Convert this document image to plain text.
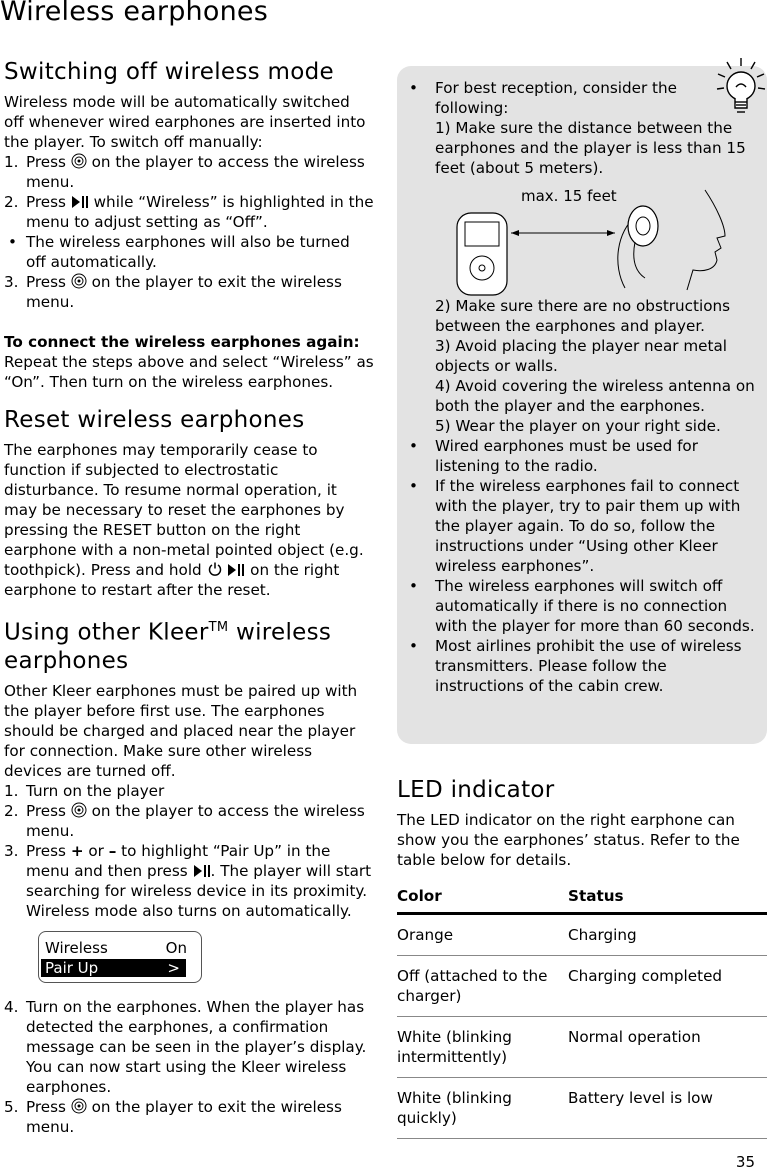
Wireless earphones
Switching off wireless mode

Wireless mode will be automatically switched off whenever wired earphones are inserted into the player. To switch off manually:

1. Press on the player to access the wireless menu.
2. Press while “Wireless” is highlighted in the menu to adjust setting as “Off”.
• The wireless earphones will also be turned off automatically.
3. Press on the player to exit the wireless menu.

To connect the wireless earphones again:

Repeat the steps above and select “Wireless” as “On”. Then turn on the wireless earphones.

Reset wireless earphones

The earphones may temporarily cease to function if subjected to electrostatic disturbance. To resume normal operation, it may be necessary to reset the earphones by pressing the RESET button on the right earphone with a non-metal pointed object (e.g. toothpick). Press and hold	on the right earphone to restart after the reset.

Using other Kleer™ wireless earphones

Other Kleer earphones must be paired up with the player before first use. The earphones should be charged and placed near the player for connection. Make sure other wireless devices are turned off.

1. Turn on the player
2. Press on the player to access the wireless menu.
3. Press + or – to highlight “Pair Up” in the menu and then press . The player will start searching for wireless device in its proximity. Wireless mode also turns on automatically.
Wireless	On
Pair Up	>
4. Turn on the earphones. When the player has detected the earphones, a confirmation message can be seen in the player’s display. You can now start using the Kleer wireless earphones.
5. Press on the player to exit the wireless menu.
• For best reception, consider the following:

1) Make sure the distance between the earphones and the player is less than 15 feet (about 5 meters).

max. 15 feet

2) Make sure there are no obstructions between the earphones and player.

3) Avoid placing the player near metal objects or walls.

4) Avoid covering the wireless antenna on both the player and the earphones.

5) Wear the player on your right side.

• Wired earphones must be used for listening to the radio.
• If the wireless earphones fail to connect with the player, try to pair them up with the player again. To do so, follow the instructions under “Using other Kleer wireless earphones”.
• The wireless earphones will switch off automatically if there is no connection with the player for more than 60 seconds.
• Most airlines prohibit the use of wireless transmitters. Please follow the instructions of the cabin crew.
LED indicator

The LED indicator on the right earphone can show you the earphones’ status. Refer to the table below for details.

Color	Status
Orange	Charging
Off (attached to the charger)	Charging completed
White (blinking intermittently)	Normal operation
White (blinking quickly)	Battery level is low
35
